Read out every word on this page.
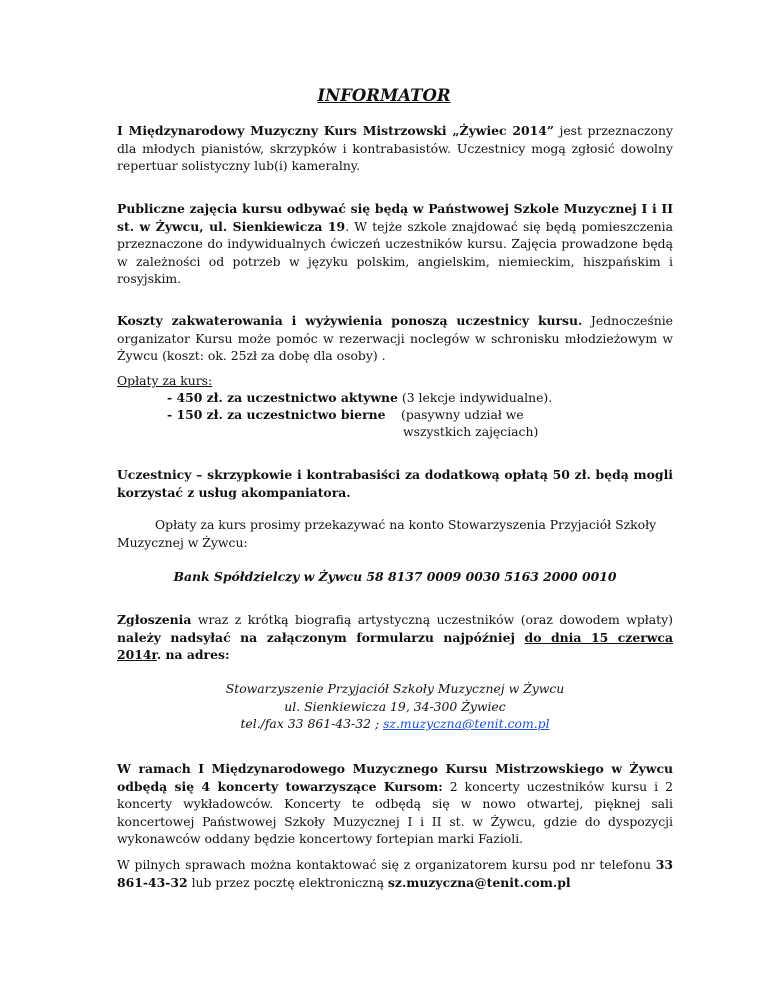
INFORMATOR

I Międzynarodowy Muzyczny Kurs Mistrzowski „Żywiec 2014” jest przeznaczony dla młodych pianistów, skrzypków i kontrabasistów. Uczestnicy mogą zgłosić dowolny repertuar solistyczny lub(i) kameralny.

Publiczne zajęcia kursu odbywać się będą w Państwowej Szkole Muzycznej I i II st. w Żywcu, ul. Sienkiewicza 19. W tejże szkole znajdować się będą pomieszczenia przeznaczone do indywidualnych ćwiczeń uczestników kursu. Zajęcia prowadzone będą w zależności od potrzeb w języku polskim, angielskim, niemieckim, hiszpańskim i rosyjskim.

Koszty zakwaterowania i wyżywienia ponoszą uczestnicy kursu. Jednocześnie organizator Kursu może pomóc w rezerwacji noclegów w schronisku młodzieżowym w Żywcu (koszt: ok. 25zł za dobę dla osoby) .

Opłaty za kurs:
- 450 zł. za uczestnictwo aktywne (3 lekcje indywidualne).
- 150 zł. za uczestnictwo bierne (pasywny udział we
wszystkich zajęciach)

Uczestnicy – skrzypkowie i kontrabasiści za dodatkową opłatą 50 zł. będą mogli korzystać z usług akompaniatora.

Opłaty za kurs prosimy przekazywać na konto Stowarzyszenia Przyjaciół Szkoły Muzycznej w Żywcu:

Bank Spółdzielczy w Żywcu 58 8137 0009 0030 5163 2000 0010

Zgłoszenia wraz z krótką biografią artystyczną uczestników (oraz dowodem wpłaty) należy nadsyłać na załączonym formularzu najpóźniej do dnia 15 czerwca 2014r. na adres:

Stowarzyszenie Przyjaciół Szkoły Muzycznej w Żywcu

ul. Sienkiewicza 19, 34-300 Żywiec

tel./fax 33 861-43-32 ; sz.muzyczna@tenit.com.pl

W ramach I Międzynarodowego Muzycznego Kursu Mistrzowskiego w Żywcu odbędą się 4 koncerty towarzyszące Kursom: 2 koncerty uczestników kursu i 2 koncerty wykładowców. Koncerty te odbędą się w nowo otwartej, pięknej sali koncertowej Państwowej Szkoły Muzycznej I i II st. w Żywcu, gdzie do dyspozycji wykonawców oddany będzie koncertowy fortepian marki Fazioli.

W pilnych sprawach można kontaktować się z organizatorem kursu pod nr telefonu 33 861-43-32 lub przez pocztę elektroniczną sz.muzyczna@tenit.com.pl
